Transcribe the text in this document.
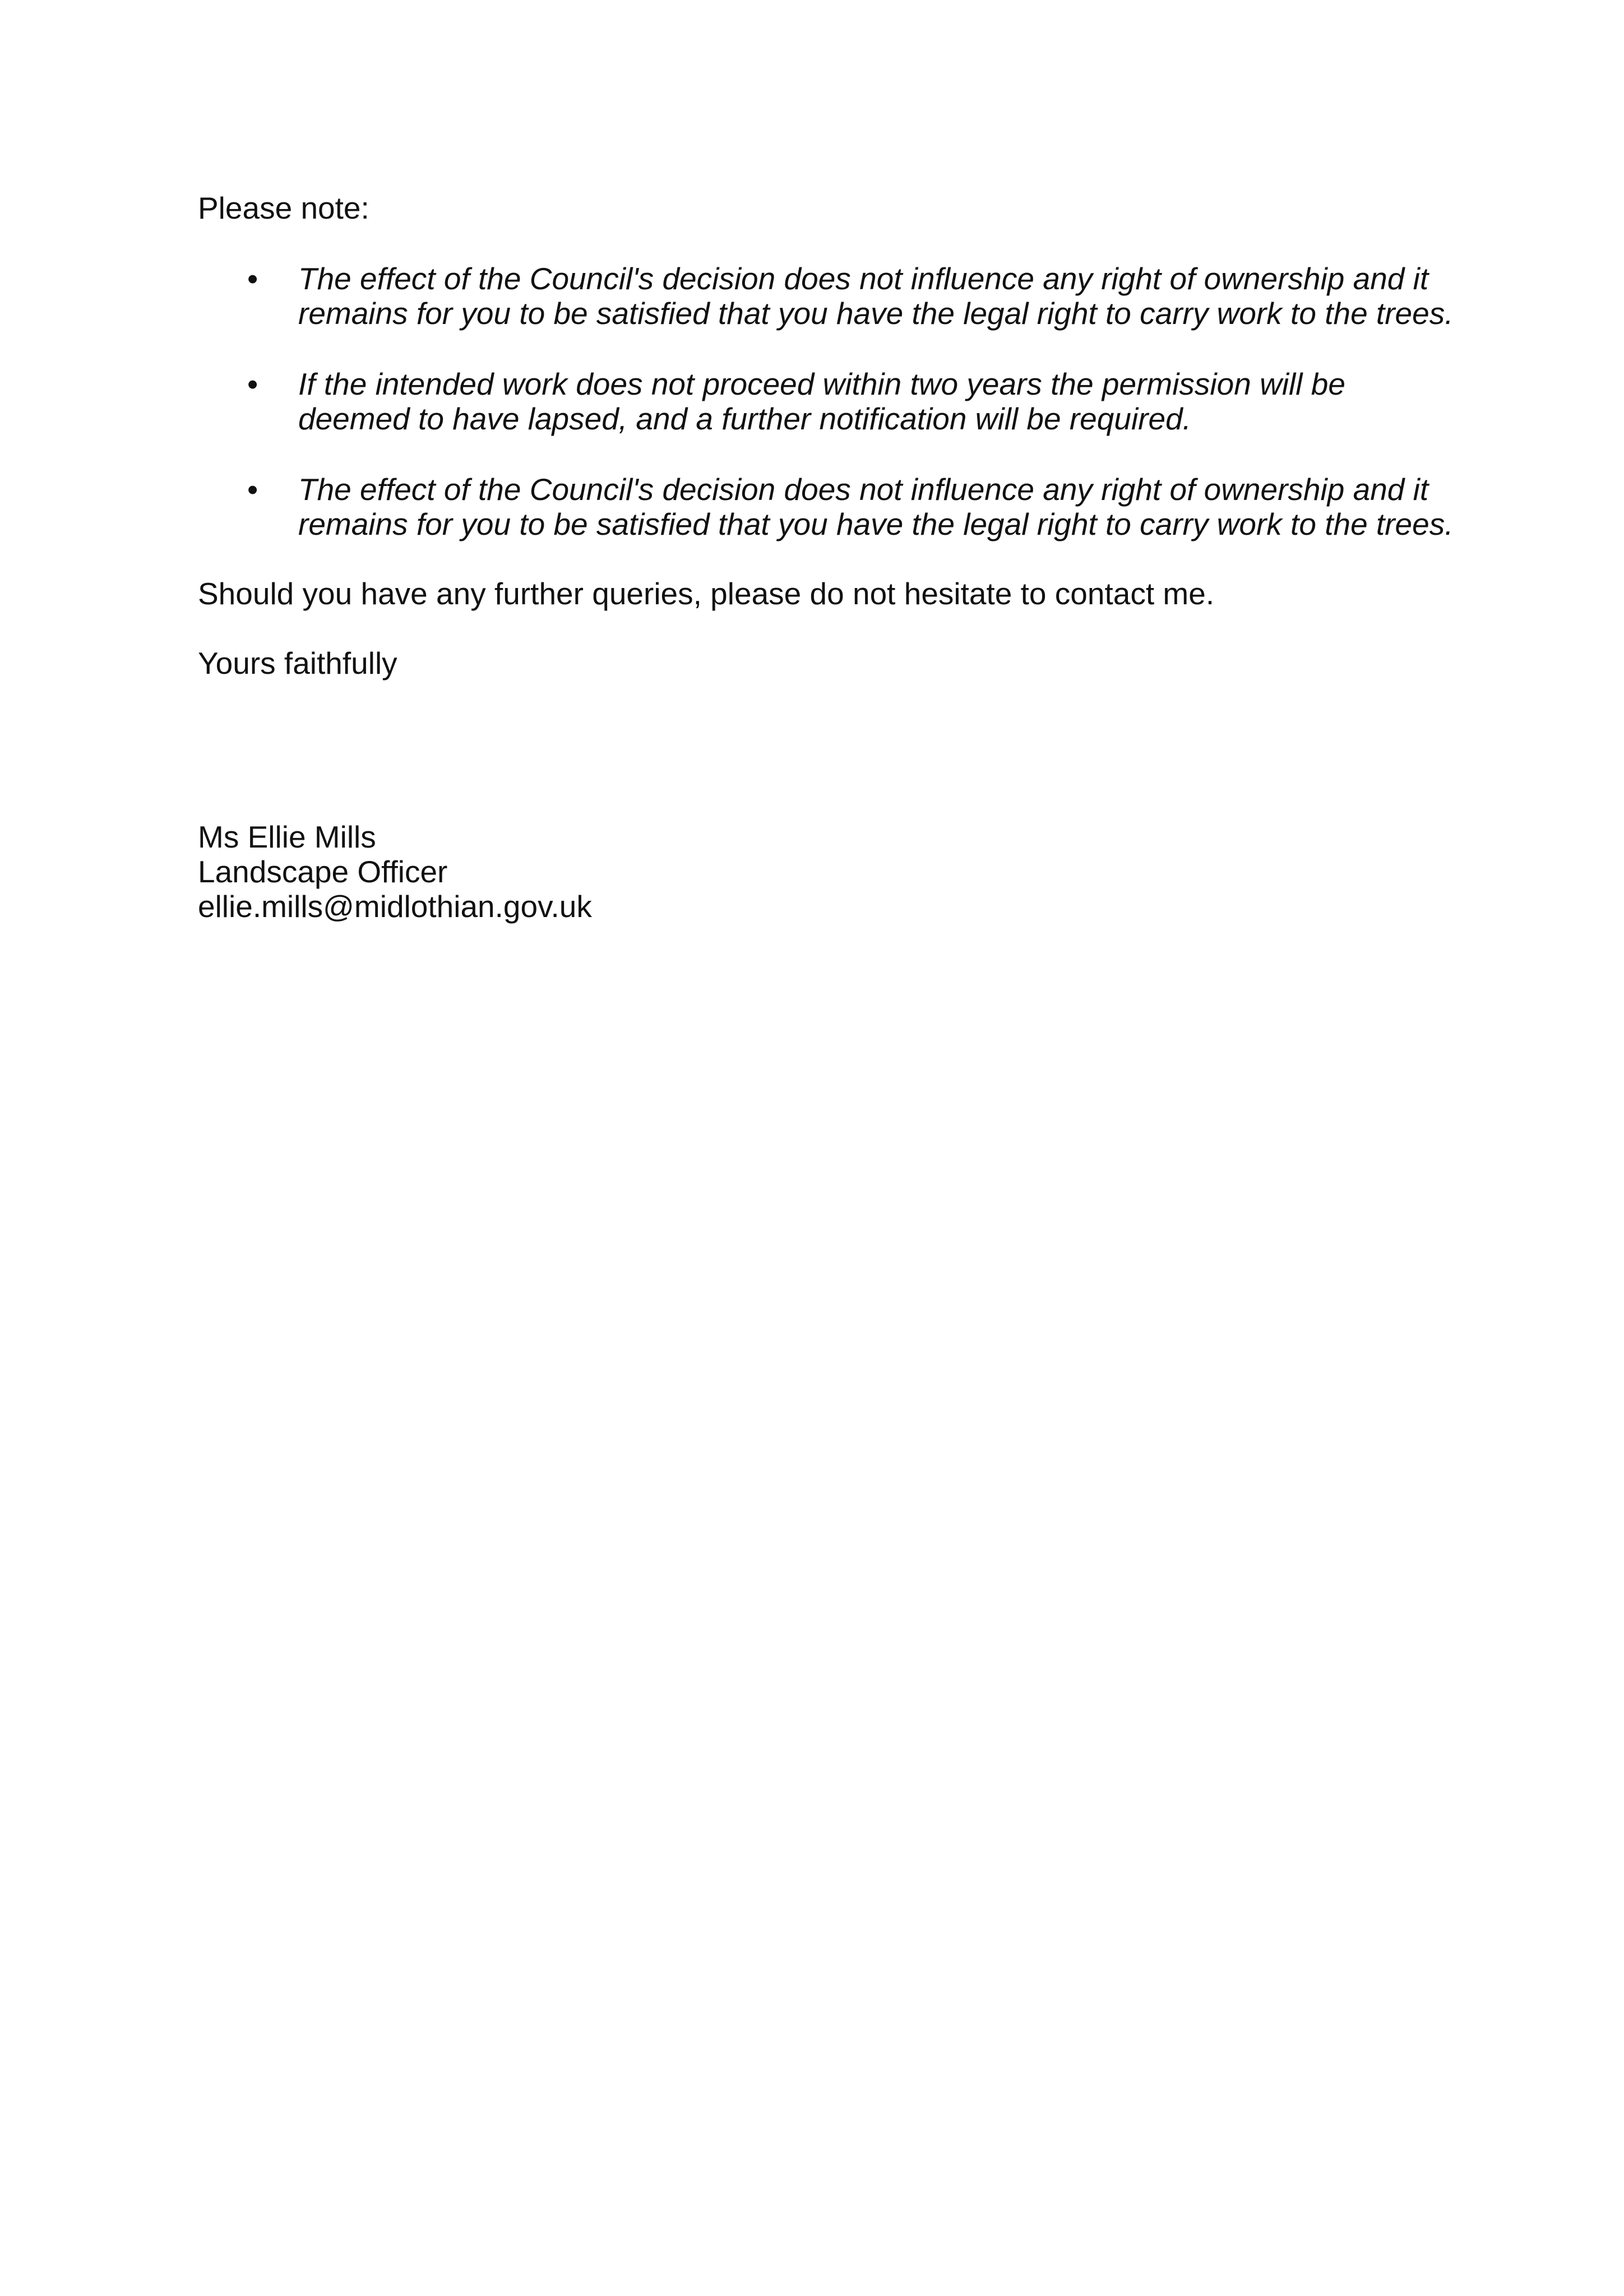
Please note:

• The effect of the Council's decision does not influence any right of ownership and it remains for you to be satisfied that you have the legal right to carry work to the trees.
• If the intended work does not proceed within two years the permission will be deemed to have lapsed, and a further notification will be required.
• The effect of the Council's decision does not influence any right of ownership and it remains for you to be satisfied that you have the legal right to carry work to the trees.

Should you have any further queries, please do not hesitate to contact me.

Yours faithfully

Ms Ellie Mills
Landscape Officer
ellie.mills@midlothian.gov.uk
